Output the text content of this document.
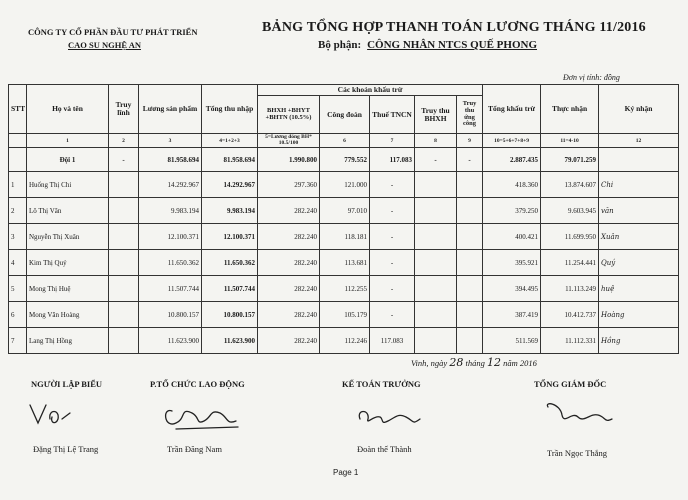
CÔNG TY CỔ PHẦN ĐẦU TƯ PHÁT TRIỂN
CAO SU NGHỆ AN
BẢNG TỔNG HỢP THANH TOÁN LƯƠNG THÁNG 11/2016
Bộ phận: CÔNG NHÂN NTCS QUẾ PHONG
Đơn vị tính: đồng
STT	Họ và tên	Truy lĩnh	Lương sản phẩm	Tổng thu nhập	Các khoản khấu trừ					Tổng khấu trừ	Thực nhận	Ký nhận
					BHXH +BHYT +BHTN (10.5%)	Công đoàn	Thuế TNCN	Truy thu BHXH	Truy thu ứng công			
	1	2	3	4=1+2+3	5=Lương đóng BH* 10.5/100	6	7	8	9	10=5+6+7+8+9	11=4-10	12
	Đội 1	-	81.958.694	81.958.694	1.990.800	779.552	117.083	-	-	2.887.435	79.071.259	
1	Huống Thị Chi		14.292.967	14.292.967	297.360	121.000	-			418.360	13.874.607	Chi
2	Lô Thị Văn		9.983.194	9.983.194	282.240	97.010	-			379.250	9.603.945	văn
3	Nguyễn Thị Xuân		12.100.371	12.100.371	282.240	118.181	-			400.421	11.699.950	Xuân
4	Kim Thị Quý		11.650.362	11.650.362	282.240	113.681	-			395.921	11.254.441	Quý
5	Mong Thị Huệ		11.507.744	11.507.744	282.240	112.255	-			394.495	11.113.249	huệ
6	Mong Văn Hoàng		10.800.157	10.800.157	282.240	105.179	-			387.419	10.412.737	Hoàng
7	Lang Thị Hồng		11.623.900	11.623.900	282.240	112.246	117.083			511.569	11.112.331	Hồng
Vinh, ngày 28 tháng 12 năm 2016
NGƯỜI LẬP BIỂU	P.TỔ CHỨC LAO ĐỘNG	KẾ TOÁN TRƯỞNG	TỔNG GIÁM ĐỐC
Đặng Thị Lệ Trang	Trần Đăng Nam	Đoàn thế Thành	Trần Ngọc Thắng
Page 1
